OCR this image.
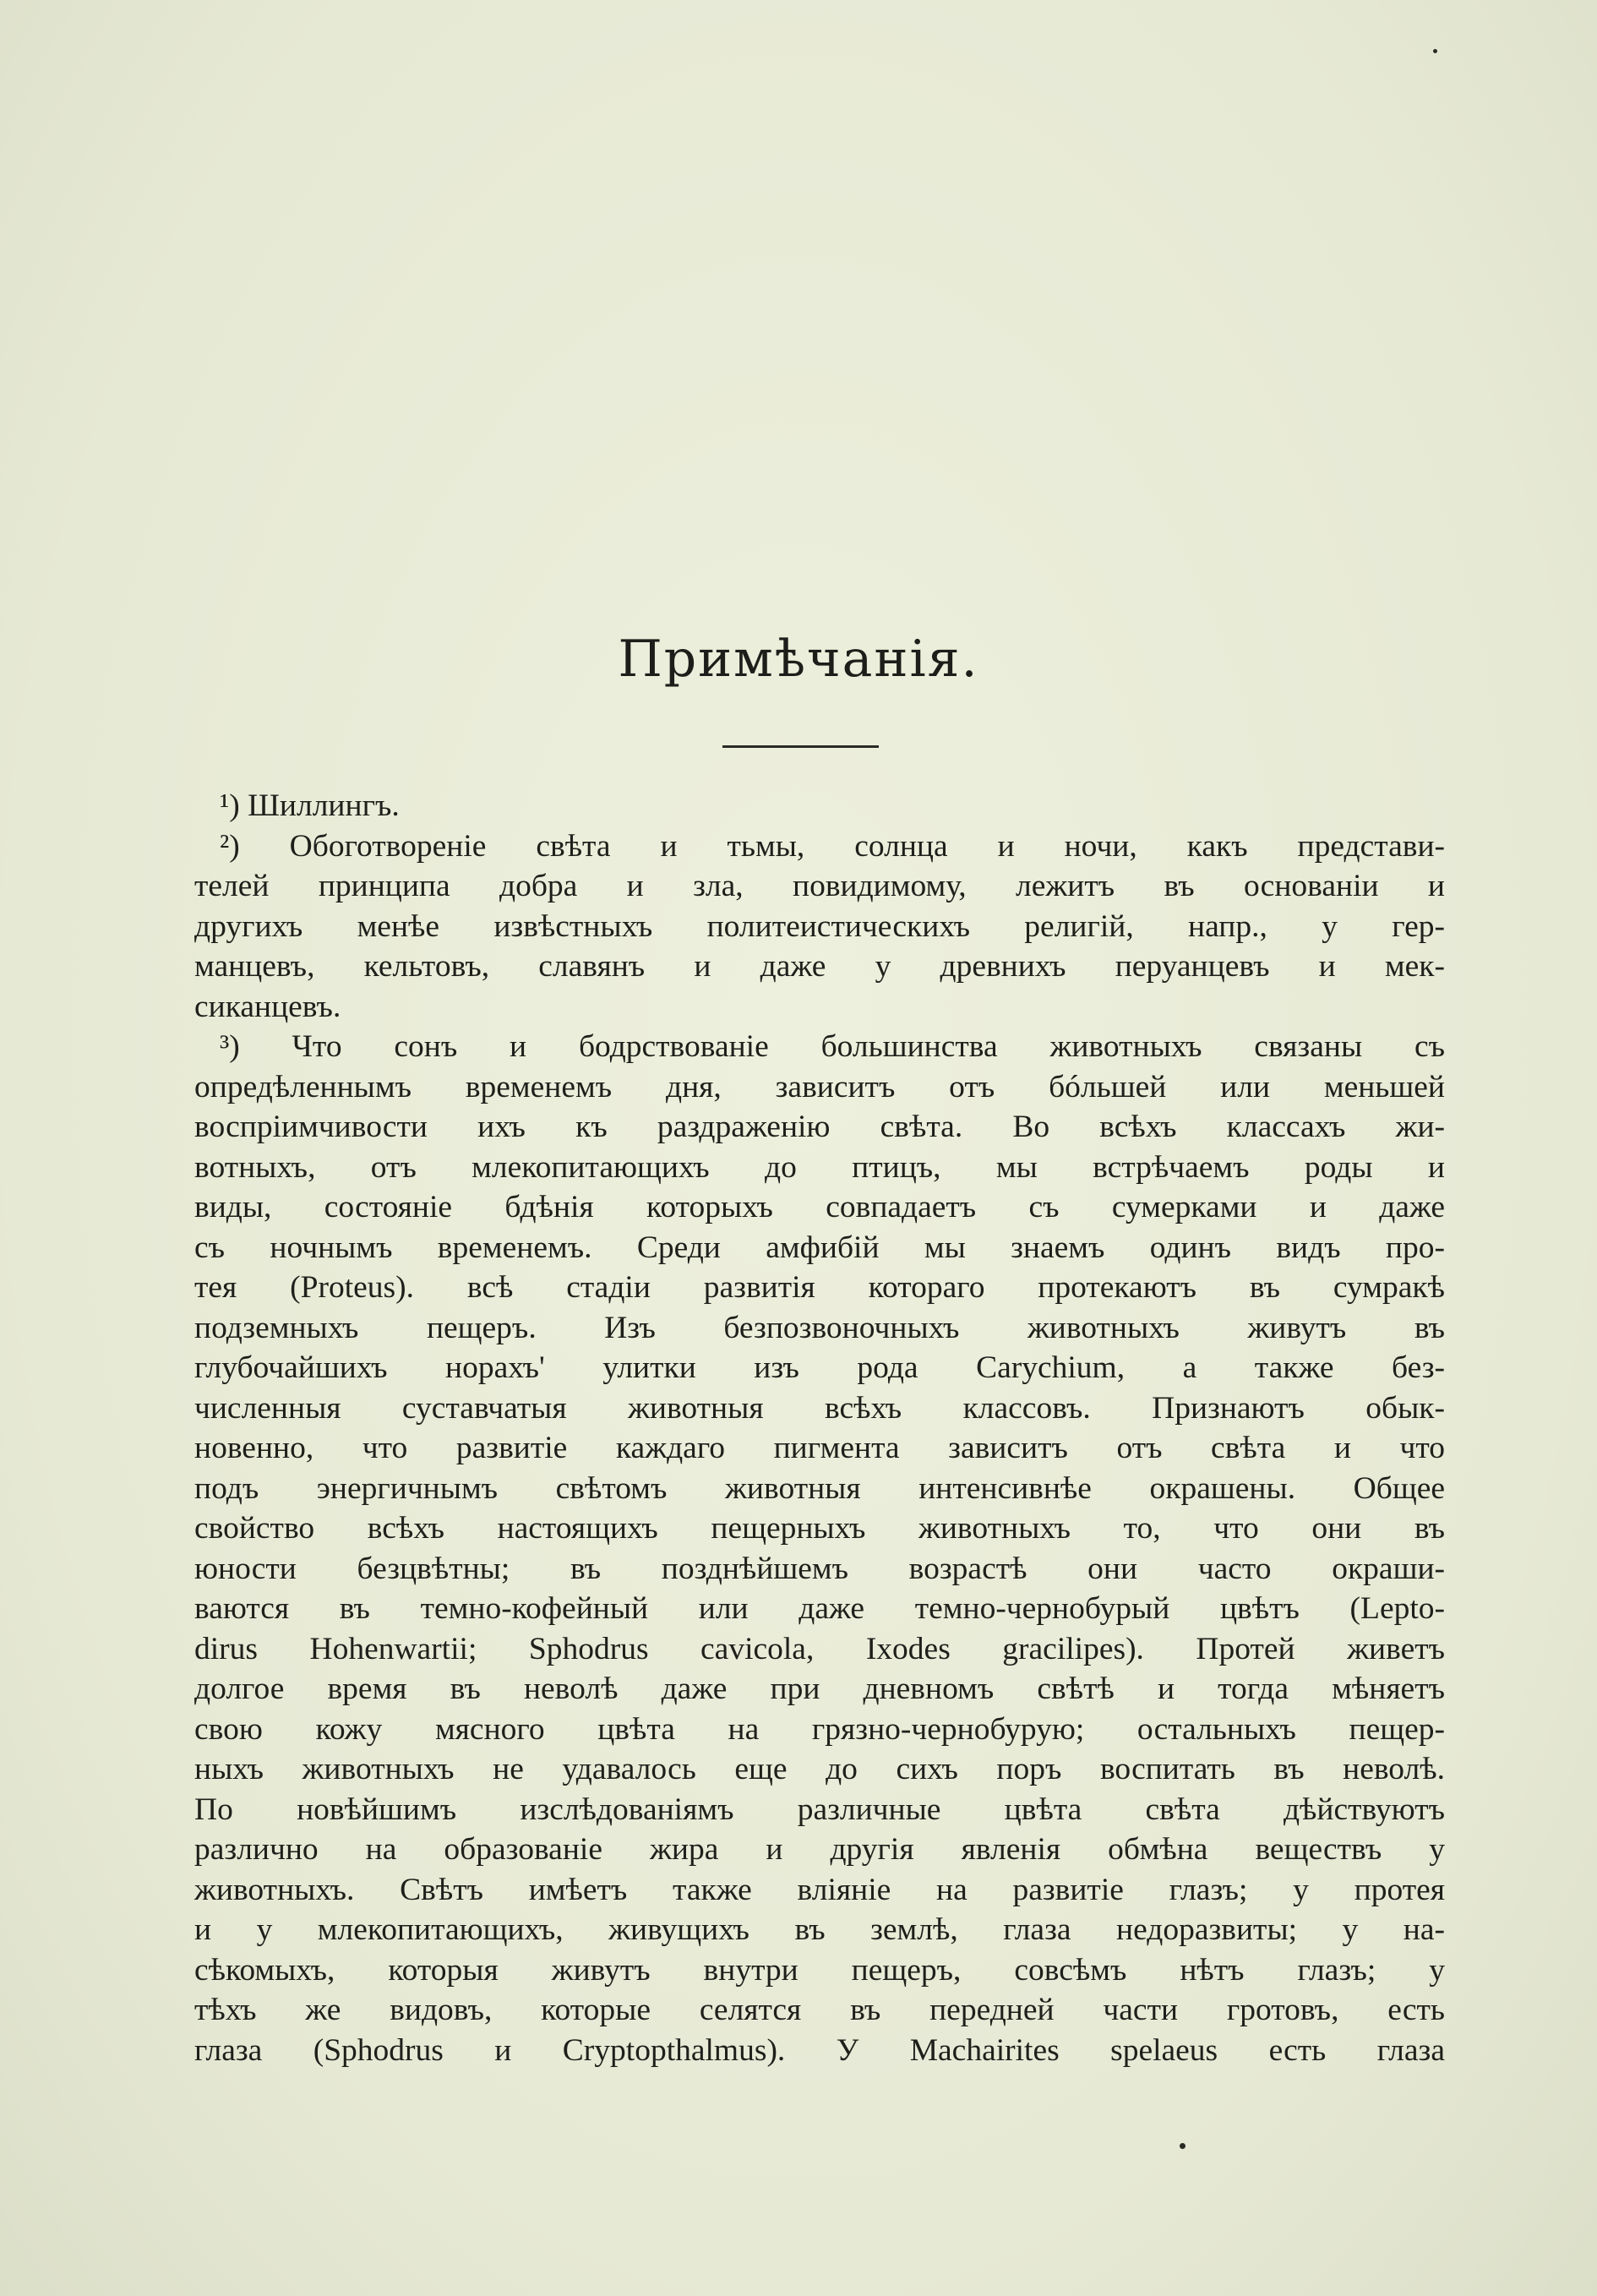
Примѣчанія.
¹) Шиллингъ.
²) Обоготвореніе свѣта и тьмы, солнца и ночи, какъ представи-
телей принципа добра и зла, повидимому, лежитъ въ основаніи и
другихъ менѣе извѣстныхъ политеистическихъ религій, напр., у гер-
манцевъ, кельтовъ, славянъ и даже у древнихъ перуанцевъ и мек-
сиканцевъ.
³) Что сонъ и бодрствованіе большинства животныхъ связаны съ
опредѣленнымъ временемъ дня, зависитъ отъ бóльшей или меньшей
воспріимчивости ихъ къ раздраженію свѣта. Во всѣхъ классахъ жи-
вотныхъ, отъ млекопитающихъ до птицъ, мы встрѣчаемъ роды и
виды, состояніе бдѣнія которыхъ совпадаетъ съ сумерками и даже
съ ночнымъ временемъ. Среди амфибій мы знаемъ одинъ видъ про-
тея (Proteus). всѣ стадіи развитія котораго протекаютъ въ сумракѣ
подземныхъ пещеръ. Изъ безпозвоночныхъ животныхъ живутъ въ
глубочайшихъ норахъ' улитки изъ рода Carychium, а также без-
численныя суставчатыя животныя всѣхъ классовъ. Признаютъ обык-
новенно, что развитіе каждаго пигмента зависитъ отъ свѣта и что
подъ энергичнымъ свѣтомъ животныя интенсивнѣе окрашены. Общее
свойство всѣхъ настоящихъ пещерныхъ животныхъ то, что они въ
юности безцвѣтны; въ позднѣйшемъ возрастѣ они часто окраши-
ваются въ темно-кофейный или даже темно-чернобурый цвѣтъ (Lepto-
dirus Hohenwartii; Sphodrus cavicola, Ixodes gracilipes). Протей живетъ
долгое время въ неволѣ даже при дневномъ свѣтѣ и тогда мѣняетъ
свою кожу мясного цвѣта на грязно-чернобурую; остальныхъ пещер-
ныхъ животныхъ не удавалось еще до сихъ поръ воспитать въ неволѣ.
По новѣйшимъ изслѣдованіямъ различные цвѣта свѣта дѣйствуютъ
различно на образованіе жира и другія явленія обмѣна веществъ у
животныхъ. Свѣтъ имѣетъ также вліяніе на развитіе глазъ; у протея
и у млекопитающихъ, живущихъ въ землѣ, глаза недоразвиты; у на-
сѣкомыхъ, которыя живутъ внутри пещеръ, совсѣмъ нѣтъ глазъ; у
тѣхъ же видовъ, которые селятся въ передней части гротовъ, есть
глаза (Sphodrus и Cryptopthalmus). У Machairites spelaeus есть глаза
